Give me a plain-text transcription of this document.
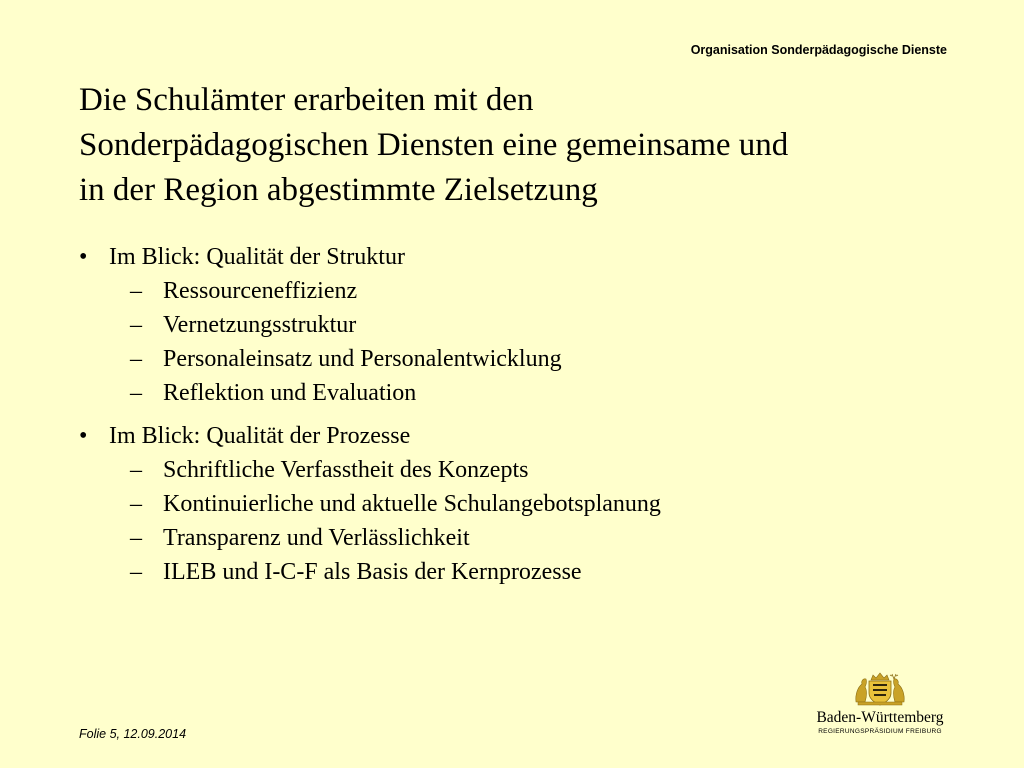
Organisation Sonderpädagogische Dienste
Die Schulämter erarbeiten mit den
Sonderpädagogischen Diensten eine gemeinsame und
in der Region abgestimmte Zielsetzung
• Im Blick: Qualität der Struktur
– Ressourceneffizienz
– Vernetzungsstruktur
– Personaleinsatz und Personalentwicklung
– Reflektion und Evaluation
• Im Blick: Qualität der Prozesse
– Schriftliche Verfasstheit des Konzepts
– Kontinuierliche und aktuelle Schulangebotsplanung
– Transparenz und Verlässlichkeit
– ILEB und I-C-F als Basis der Kernprozesse
Folie 5, 12.09.2014
Baden-Württemberg
REGIERUNGSPRÄSIDIUM FREIBURG
